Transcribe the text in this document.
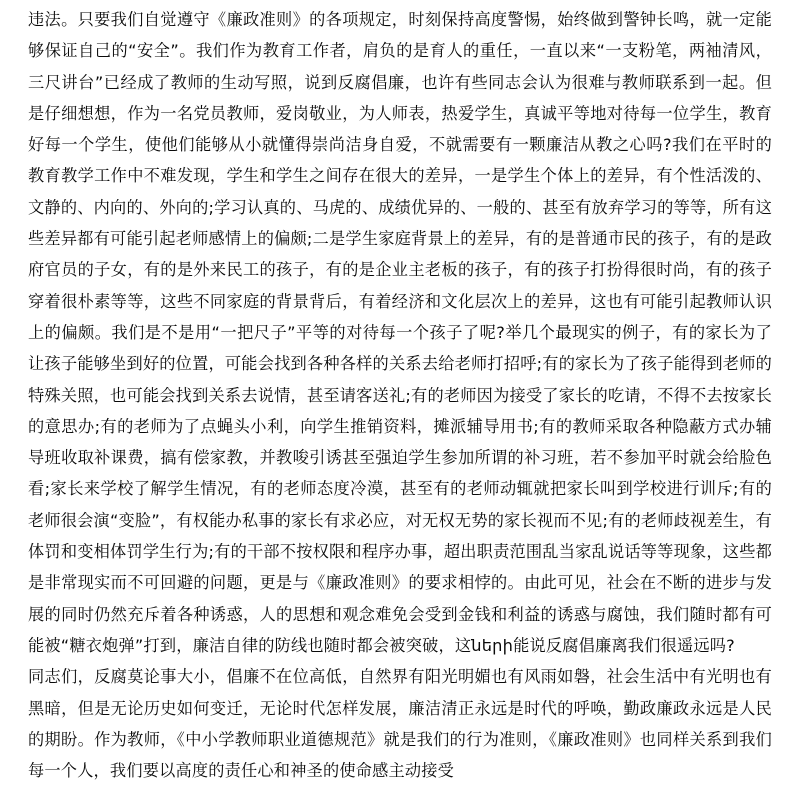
违法。只要我们自觉遵守《廉政准则》的各项规定，时刻保持高度警惕，始终做到警钟长鸣，就一定能够保证自己的“安全”。我们作为教育工作者，肩负的是育人的重任，一直以来“一支粉笔，两袖清风，三尺讲台”已经成了教师的生动写照，说到反腐倡廉，也许有些同志会认为很难与教师联系到一起。但是仔细想想，作为一名党员教师，爱岗敬业，为人师表，热爱学生，真诚平等地对待每一位学生，教育好每一个学生，使他们能够从小就懂得崇尚洁身自爱，不就需要有一颗廉洁从教之心吗?我们在平时的教育教学工作中不难发现，学生和学生之间存在很大的差异，一是学生个体上的差异，有个性活泼的、文静的、内向的、外向的;学习认真的、马虎的、成绩优异的、一般的、甚至有放弃学习的等等，所有这些差异都有可能引起老师感情上的偏颇;二是学生家庭背景上的差异，有的是普通市民的孩子，有的是政府官员的子女，有的是外来民工的孩子，有的是企业主老板的孩子，有的孩子打扮得很时尚，有的孩子穿着很朴素等等，这些不同家庭的背景背后，有着经济和文化层次上的差异，这也有可能引起教师认识上的偏颇。我们是不是用“一把尺子”平等的对待每一个孩子了呢?举几个最现实的例子，有的家长为了让孩子能够坐到好的位置，可能会找到各种各样的关系去给老师打招呼;有的家长为了孩子能得到老师的特殊关照，也可能会找到关系去说情，甚至请客送礼;有的老师因为接受了家长的吃请，不得不去按家长的意思办;有的老师为了点蝇头小利，向学生推销资料，摊派辅导用书;有的教师采取各种隐蔽方式办辅导班收取补课费，搞有偿家教，并教唆引诱甚至强迫学生参加所谓的补习班，若不参加平时就会给脸色看;家长来学校了解学生情况，有的老师态度冷漠，甚至有的老师动辄就把家长叫到学校进行训斥;有的老师很会演“变脸”，有权能办私事的家长有求必应，对无权无势的家长视而不见;有的老师歧视差生，有体罚和变相体罚学生行为;有的干部不按权限和程序办事，超出职责范围乱当家乱说话等等现象，这些都是非常现实而不可回避的问题，更是与《廉政准则》的要求相悖的。由此可见，社会在不断的进步与发展的同时仍然充斥着各种诱惑，人的思想和观念难免会受到金钱和利益的诱惑与腐蚀，我们随时都有可能被“糖衣炮弹”打到，廉洁自律的防线也随时都会被突破，这ների能说反腐倡廉离我们很遥远吗?

同志们，反腐莫论事大小，倡廉不在位高低，自然界有阳光明媚也有风雨如磐，社会生活中有光明也有黑暗，但是无论历史如何变迁，无论时代怎样发展，廉洁清正永远是时代的呼唤，勤政廉政永远是人民的期盼。作为教师，《中小学教师职业道德规范》就是我们的行为准则，《廉政准则》也同样关系到我们每一个人，我们要以高度的责任心和神圣的使命感主动接受
